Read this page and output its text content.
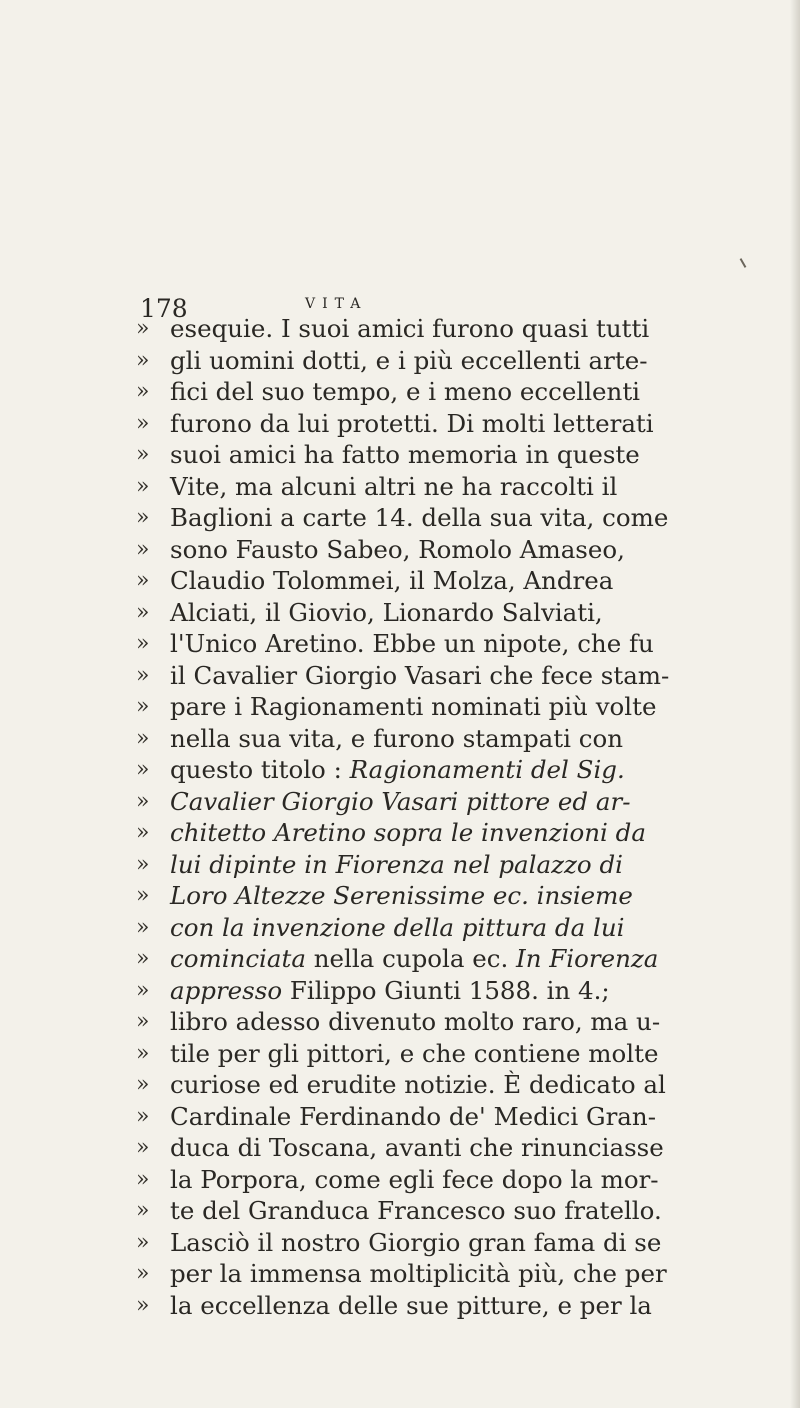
178	VITA
» esequie. I suoi amici furono quasi tutti
» gli uomini dotti, e i più eccellenti arte-
» fici del suo tempo, e i meno eccellenti
» furono da lui protetti. Di molti letterati
» suoi amici ha fatto memoria in queste
» Vite, ma alcuni altri ne ha raccolti il
» Baglioni a carte 14. della sua vita, come
» sono Fausto Sabeo, Romolo Amaseo,
» Claudio Tolommei, il Molza, Andrea
» Alciati, il Giovio, Lionardo Salviati,
» l'Unico Aretino. Ebbe un nipote, che fu
» il Cavalier Giorgio Vasari che fece stam-
» pare i Ragionamenti nominati più volte
» nella sua vita, e furono stampati con
» questo titolo : Ragionamenti del Sig.
» Cavalier Giorgio Vasari pittore ed ar-
» chitetto Aretino sopra le invenzioni da
» lui dipinte in Fiorenza nel palazzo di
» Loro Altezze Serenissime ec. insieme
» con la invenzione della pittura da lui
» cominciata nella cupola ec. In Fiorenza
» appresso Filippo Giunti 1588. in 4.;
» libro adesso divenuto molto raro, ma u-
» tile per gli pittori, e che contiene molte
» curiose ed erudite notizie. È dedicato al
» Cardinale Ferdinando de' Medici Gran-
» duca di Toscana, avanti che rinunciasse
» la Porpora, come egli fece dopo la mor-
» te del Granduca Francesco suo fratello.
» Lasciò il nostro Giorgio gran fama di se
» per la immensa moltiplicità più, che per
» la eccellenza delle sue pitture, e per la
